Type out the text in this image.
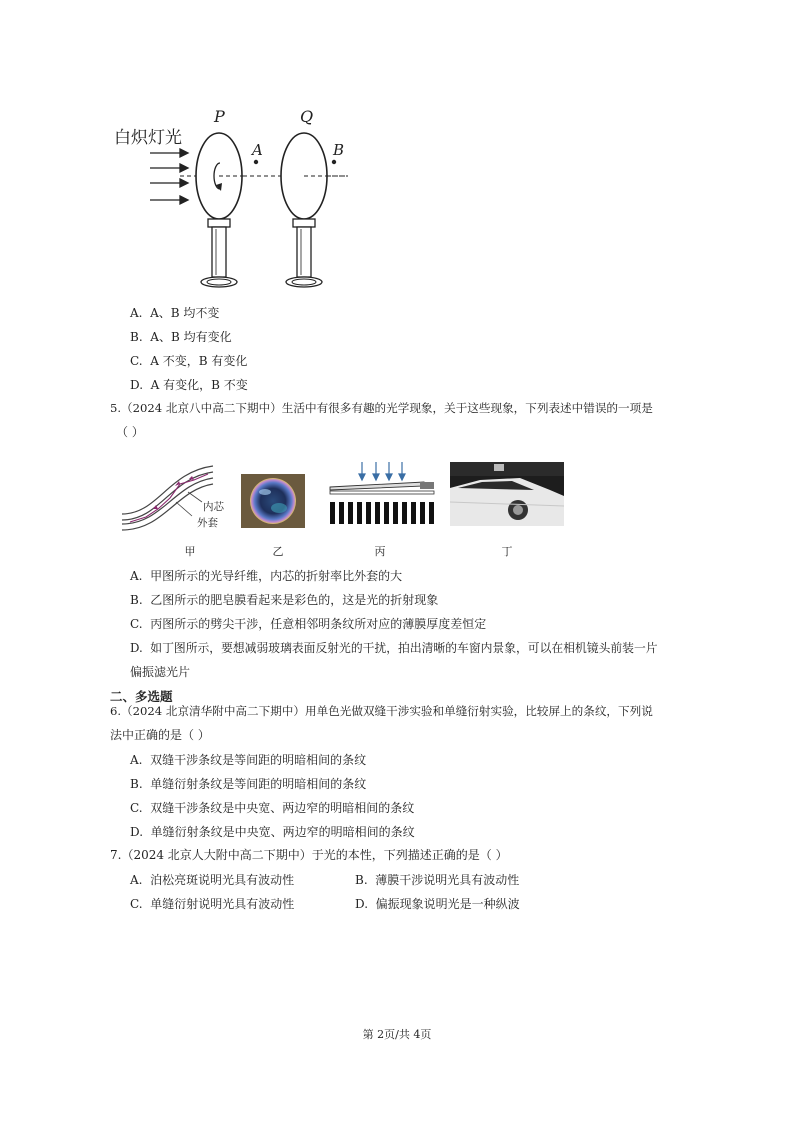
白炽灯光
P	Q
A	B
A. A、B 均不变
B. A、B 均有变化
C. A 不变，B 有变化
D. A 有变化，B 不变
5.（2024 北京八中高二下期中）生活中有很多有趣的光学现象，关于这些现象，下列表述中错误的一项是
（ ）
内芯
外套
甲	乙	丙	丁
A. 甲图所示的光导纤维，内芯的折射率比外套的大
B. 乙图所示的肥皂膜看起来是彩色的，这是光的折射现象
C. 丙图所示的劈尖干涉，任意相邻明条纹所对应的薄膜厚度差恒定
D. 如丁图所示，要想减弱玻璃表面反射光的干扰，拍出清晰的车窗内景象，可以在相机镜头前装一片
偏振滤光片
二、多选题
6.（2024 北京清华附中高二下期中）用单色光做双缝干涉实验和单缝衍射实验，比较屏上的条纹，下列说
法中正确的是（ ）
A. 双缝干涉条纹是等间距的明暗相间的条纹
B. 单缝衍射条纹是等间距的明暗相间的条纹
C. 双缝干涉条纹是中央宽、两边窄的明暗相间的条纹
D. 单缝衍射条纹是中央宽、两边窄的明暗相间的条纹
7.（2024 北京人大附中高二下期中）于光的本性，下列描述正确的是（ ）
A. 泊松亮斑说明光具有波动性	B. 薄膜干涉说明光具有波动性
C. 单缝衍射说明光具有波动性	D. 偏振现象说明光是一种纵波
第 2页/共 4页
